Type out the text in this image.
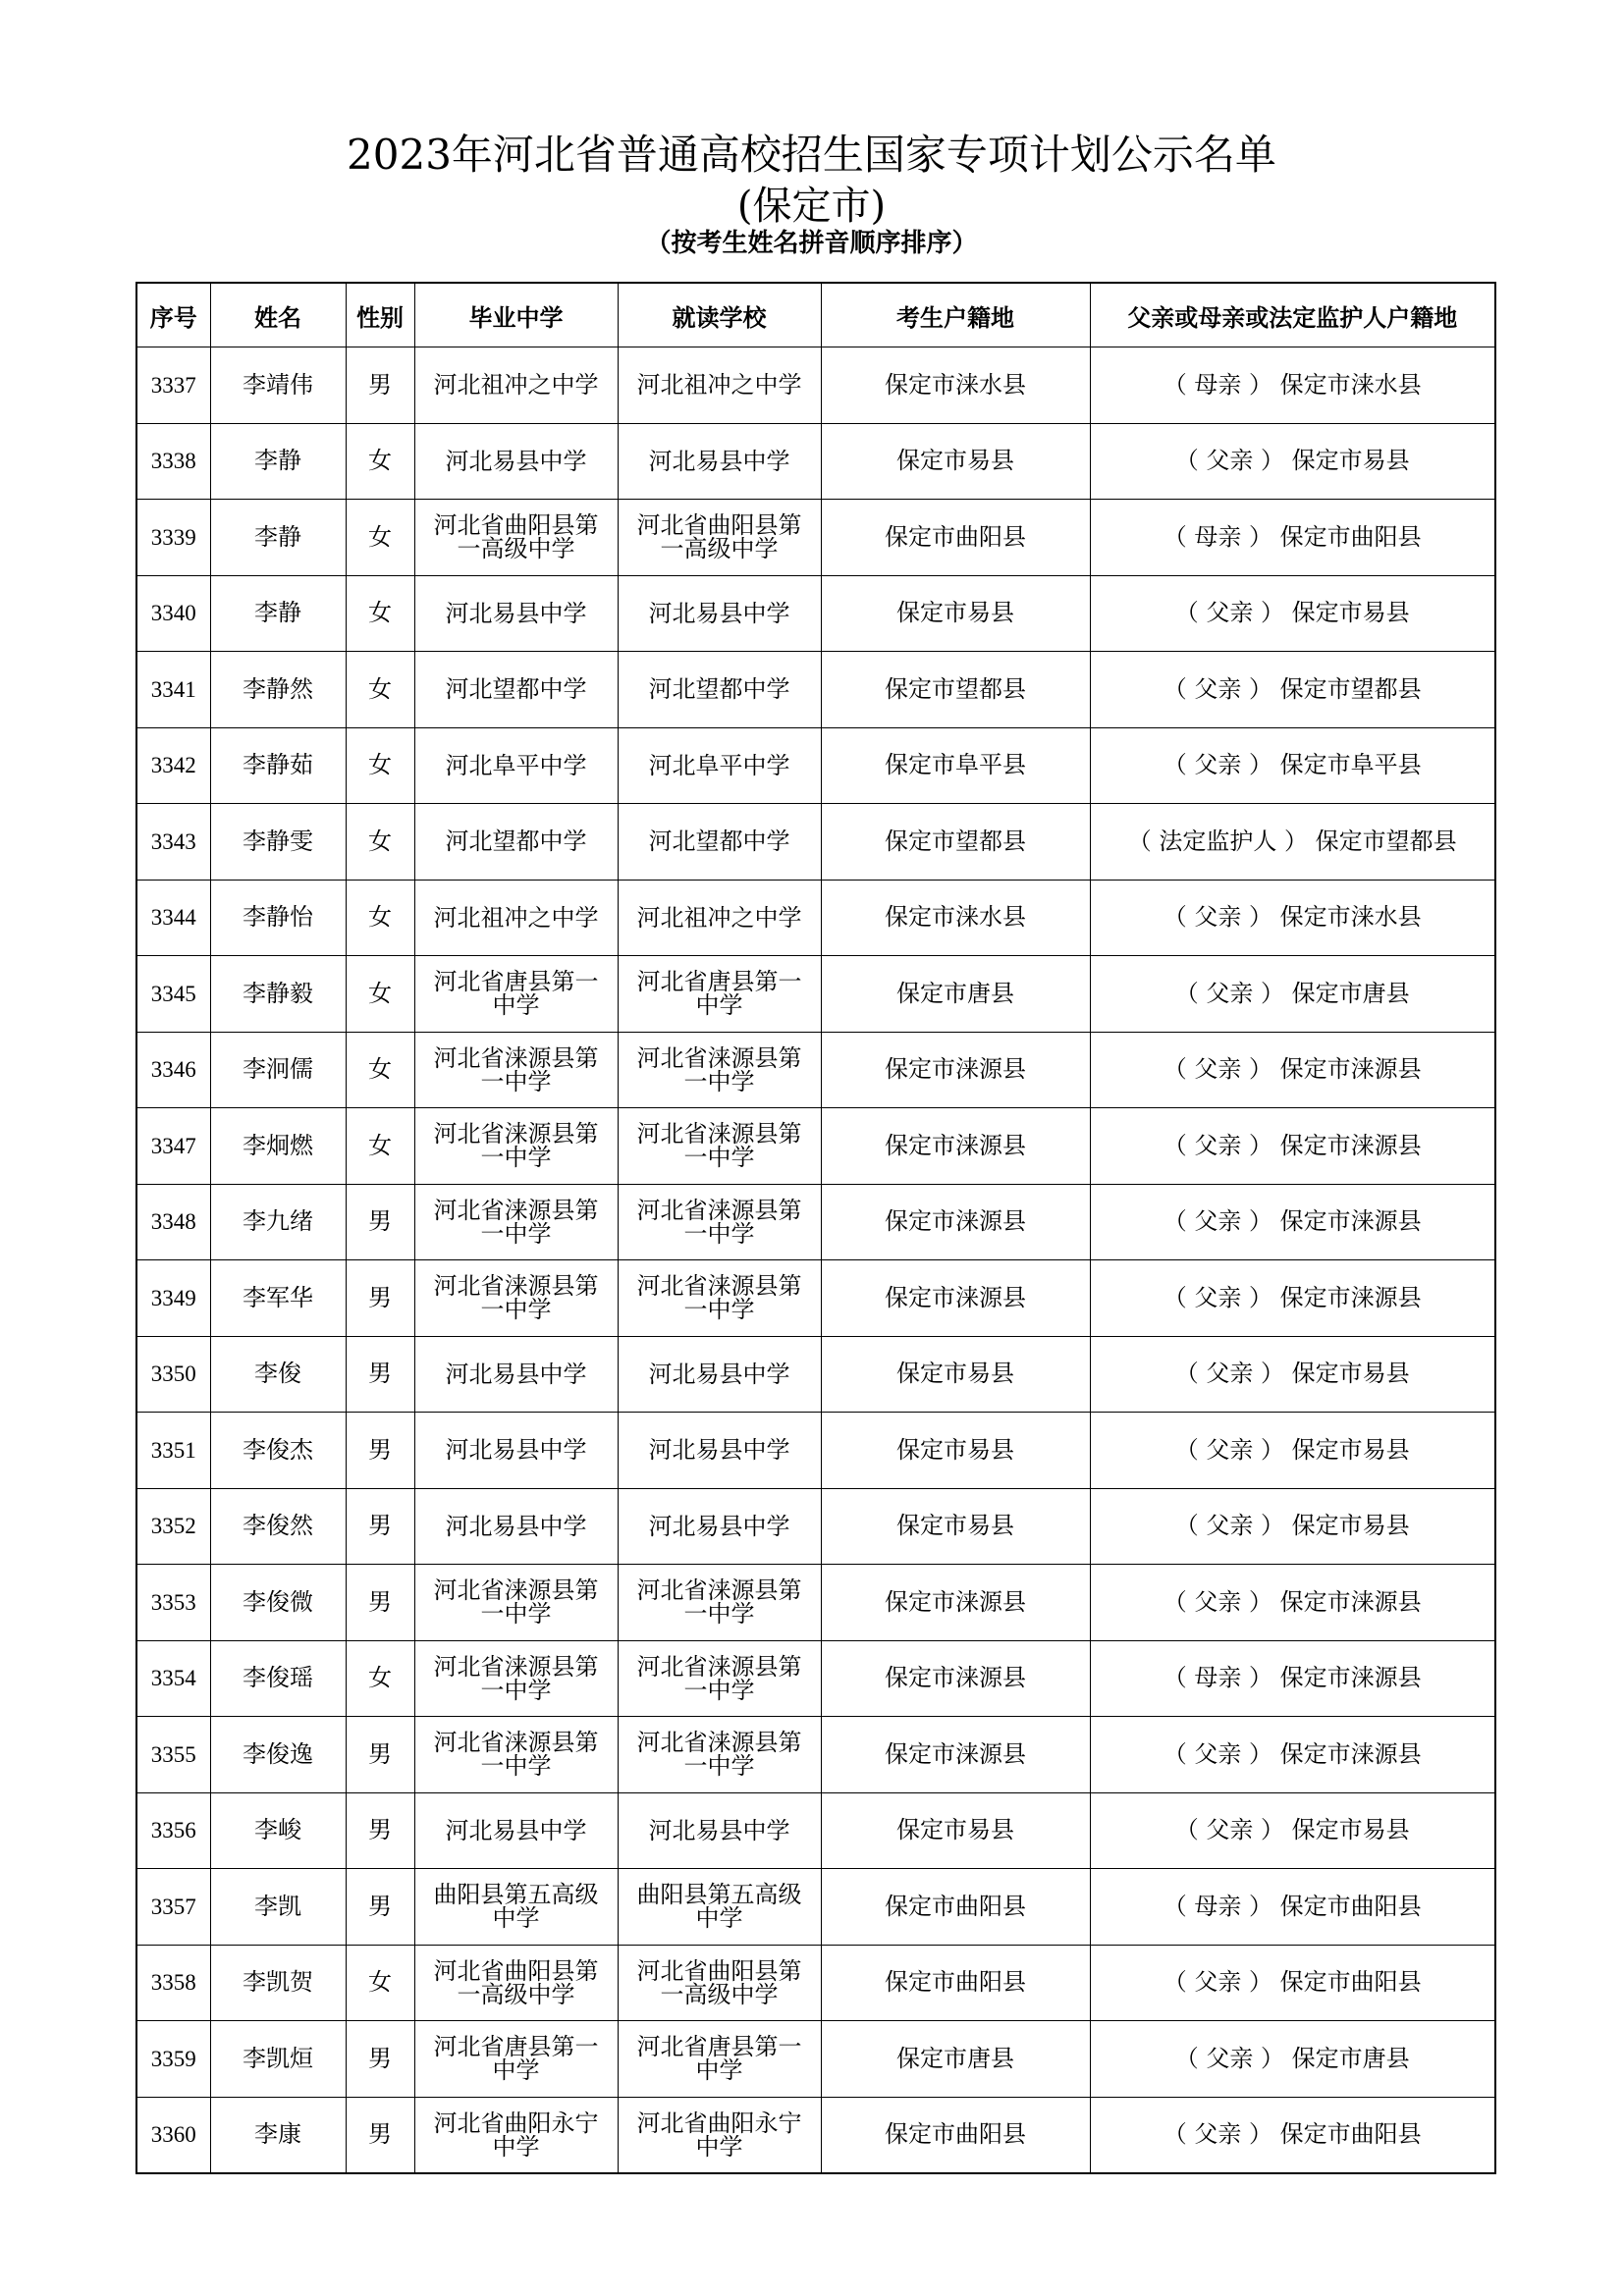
2023年河北省普通高校招生国家专项计划公示名单
(保定市)
（按考生姓名拼音顺序排序）
序号	姓名	性别	毕业中学	就读学校	考生户籍地	父亲或母亲或法定监护人户籍地
3337	李靖伟	男	河北祖冲之中学	河北祖冲之中学	保定市涞水县	（ 母亲 ） 保定市涞水县
3338	李静	女	河北易县中学	河北易县中学	保定市易县	（ 父亲 ） 保定市易县
3339	李静	女	河北省曲阳县第一高级中学	河北省曲阳县第一高级中学	保定市曲阳县	（ 母亲 ） 保定市曲阳县
3340	李静	女	河北易县中学	河北易县中学	保定市易县	（ 父亲 ） 保定市易县
3341	李静然	女	河北望都中学	河北望都中学	保定市望都县	（ 父亲 ） 保定市望都县
3342	李静茹	女	河北阜平中学	河北阜平中学	保定市阜平县	（ 父亲 ） 保定市阜平县
3343	李静雯	女	河北望都中学	河北望都中学	保定市望都县	（ 法定监护人 ） 保定市望都县
3344	李静怡	女	河北祖冲之中学	河北祖冲之中学	保定市涞水县	（ 父亲 ） 保定市涞水县
3345	李静毅	女	河北省唐县第一中学	河北省唐县第一中学	保定市唐县	（ 父亲 ） 保定市唐县
3346	李泂儒	女	河北省涞源县第一中学	河北省涞源县第一中学	保定市涞源县	（ 父亲 ） 保定市涞源县
3347	李炯燃	女	河北省涞源县第一中学	河北省涞源县第一中学	保定市涞源县	（ 父亲 ） 保定市涞源县
3348	李九绪	男	河北省涞源县第一中学	河北省涞源县第一中学	保定市涞源县	（ 父亲 ） 保定市涞源县
3349	李军华	男	河北省涞源县第一中学	河北省涞源县第一中学	保定市涞源县	（ 父亲 ） 保定市涞源县
3350	李俊	男	河北易县中学	河北易县中学	保定市易县	（ 父亲 ） 保定市易县
3351	李俊杰	男	河北易县中学	河北易县中学	保定市易县	（ 父亲 ） 保定市易县
3352	李俊然	男	河北易县中学	河北易县中学	保定市易县	（ 父亲 ） 保定市易县
3353	李俊微	男	河北省涞源县第一中学	河北省涞源县第一中学	保定市涞源县	（ 父亲 ） 保定市涞源县
3354	李俊瑶	女	河北省涞源县第一中学	河北省涞源县第一中学	保定市涞源县	（ 母亲 ） 保定市涞源县
3355	李俊逸	男	河北省涞源县第一中学	河北省涞源县第一中学	保定市涞源县	（ 父亲 ） 保定市涞源县
3356	李峻	男	河北易县中学	河北易县中学	保定市易县	（ 父亲 ） 保定市易县
3357	李凯	男	曲阳县第五高级中学	曲阳县第五高级中学	保定市曲阳县	（ 母亲 ） 保定市曲阳县
3358	李凯贺	女	河北省曲阳县第一高级中学	河北省曲阳县第一高级中学	保定市曲阳县	（ 父亲 ） 保定市曲阳县
3359	李凯烜	男	河北省唐县第一中学	河北省唐县第一中学	保定市唐县	（ 父亲 ） 保定市唐县
3360	李康	男	河北省曲阳永宁中学	河北省曲阳永宁中学	保定市曲阳县	（ 父亲 ） 保定市曲阳县
